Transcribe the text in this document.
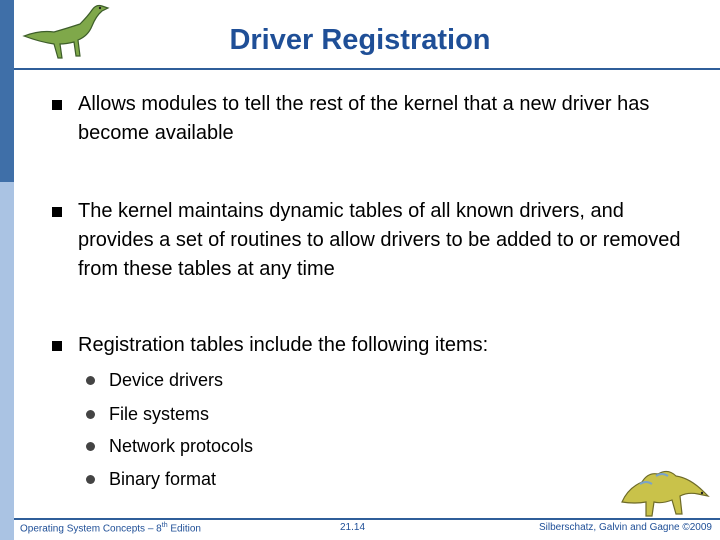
Driver Registration
Allows modules to tell the rest of the kernel that a new driver has become available
The kernel maintains dynamic tables of all known drivers, and provides a set of routines to allow drivers to be added to or removed from these tables at any time
Registration tables include the following items:
Device drivers
File systems
Network protocols
Binary format
Operating System Concepts – 8th Edition	21.14	Silberschatz, Galvin and Gagne ©2009
